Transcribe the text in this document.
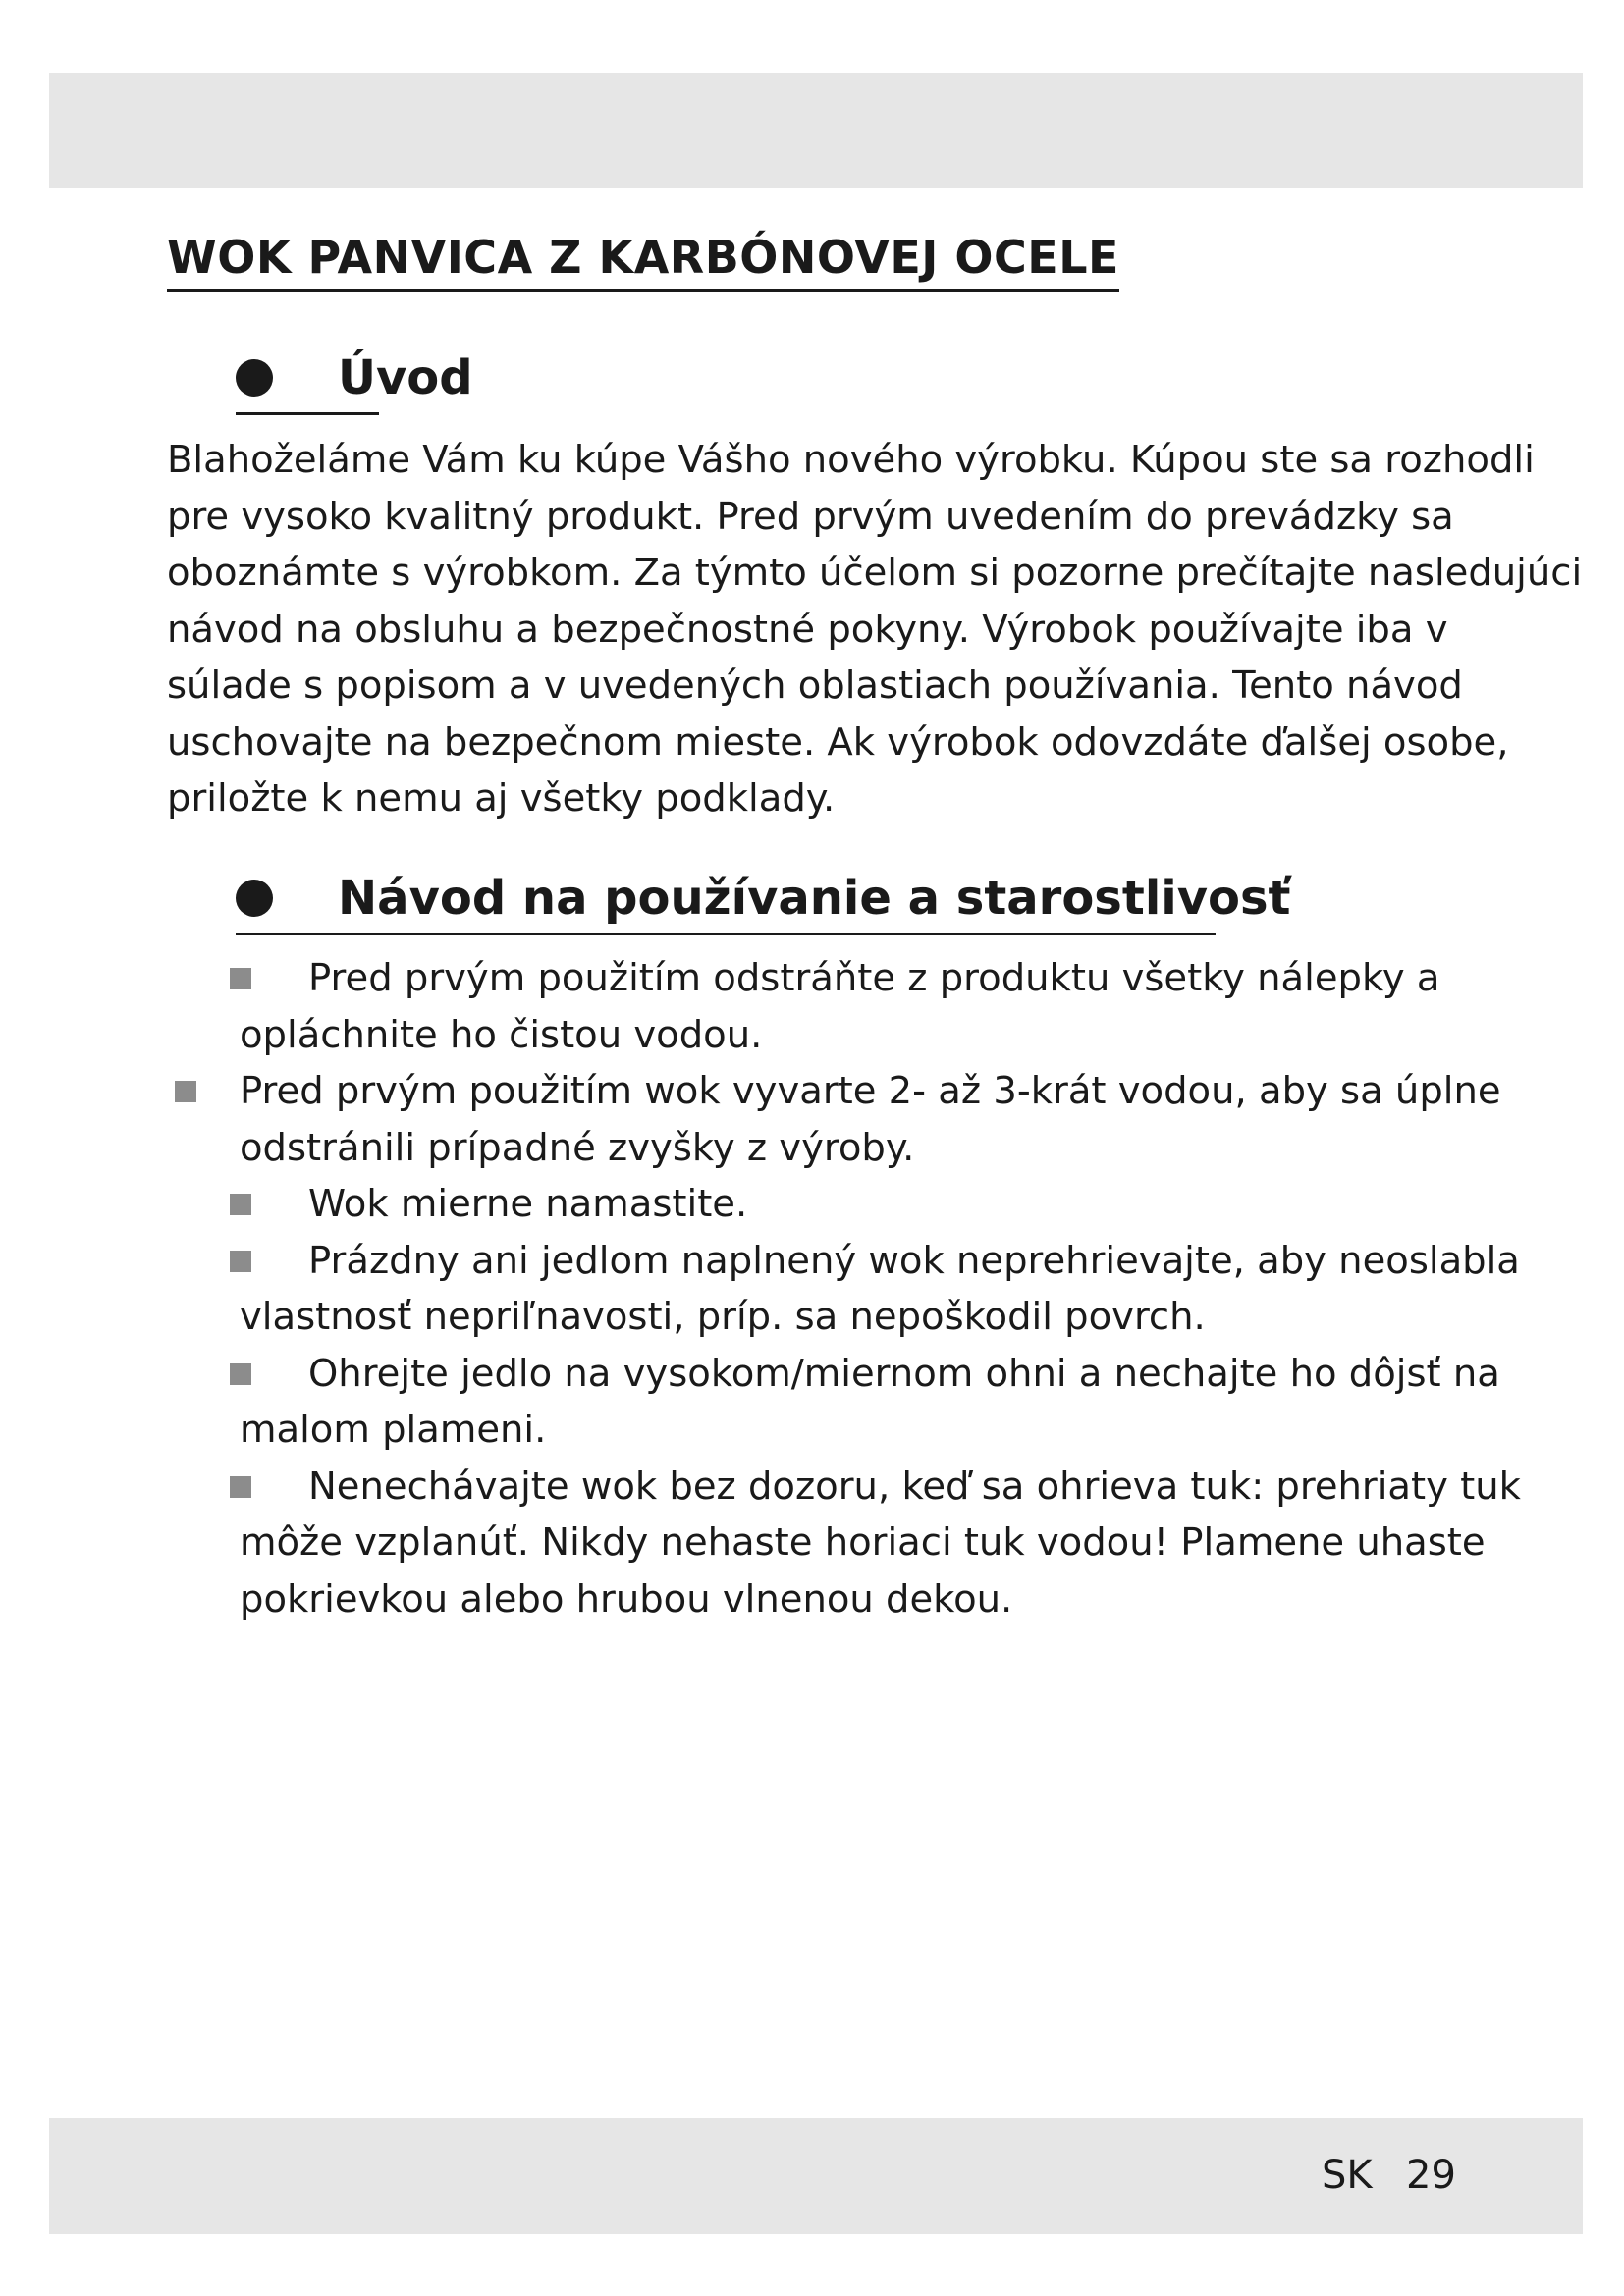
WOK PANVICA Z KARBÓNOVEJ OCELE
Úvod

Blahoželáme Vám ku kúpe Vášho nového výrobku. Kúpou ste sa rozhodli
pre vysoko kvalitný produkt. Pred prvým uvedením do prevádzky sa
oboznámte s výrobkom. Za týmto účelom si pozorne prečítajte nasledujúci
návod na obsluhu a bezpečnostné pokyny. Výrobok používajte iba v
súlade s popisom a v uvedených oblastiach používania. Tento návod
uschovajte na bezpečnom mieste. Ak výrobok odovzdáte ďalšej osobe,
priložte k nemu aj všetky podklady.

Návod na používanie a starostlivosť
Pred prvým použitím odstráňte z produktu všetky nálepky a
opláchnite ho čistou vodou.
Pred prvým použitím wok vyvarte 2- až 3-krát vodou, aby sa úplne
odstránili prípadné zvyšky z výroby.
Wok mierne namastite.
Prázdny ani jedlom naplnený wok neprehrievajte, aby neoslabla
vlastnosť nepriľnavosti, príp. sa nepoškodil povrch.
Ohrejte jedlo na vysokom/miernom ohni a nechajte ho dôjsť na
malom plameni.
Nenechávajte wok bez dozoru, keď sa ohrieva tuk: prehriaty tuk
môže vzplanúť. Nikdy nehaste horiaci tuk vodou! Plamene uhaste
pokrievkou alebo hrubou vlnenou dekou.
SK 29
